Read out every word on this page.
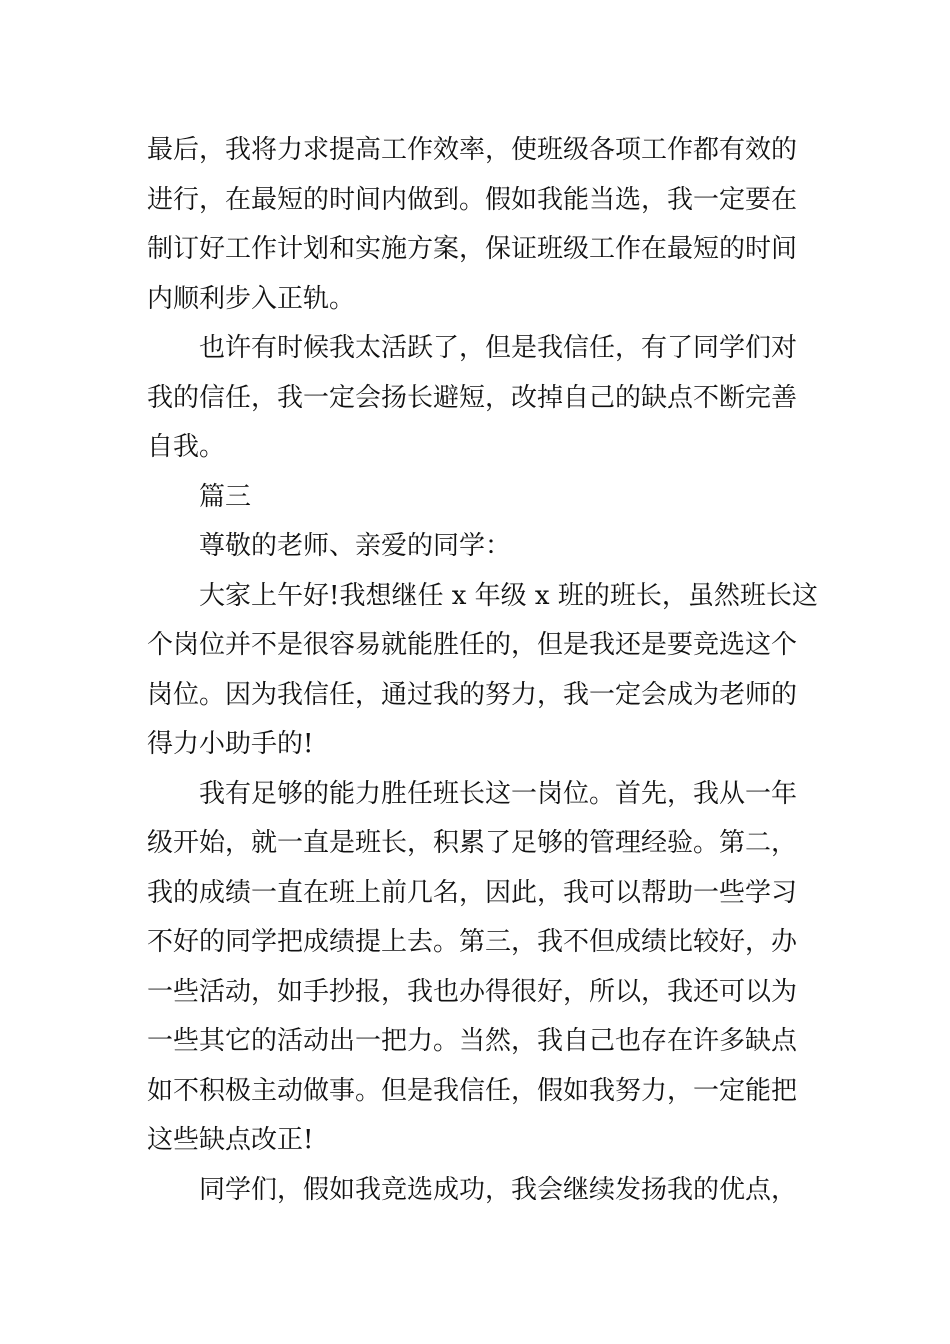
最后，我将力求提高工作效率，使班级各项工作都有效的
进行，在最短的时间内做到。假如我能当选，我一定要在
制订好工作计划和实施方案，保证班级工作在最短的时间
内顺利步入正轨。
也许有时候我太活跃了，但是我信任，有了同学们对
我的信任，我一定会扬长避短，改掉自己的缺点不断完善
自我。
篇三
尊敬的老师、亲爱的同学：
大家上午好!我想继任 x 年级 x 班的班长，虽然班长这
个岗位并不是很容易就能胜任的，但是我还是要竞选这个
岗位。因为我信任，通过我的努力，我一定会成为老师的
得力小助手的!
我有足够的能力胜任班长这一岗位。首先，我从一年
级开始，就一直是班长，积累了足够的管理经验。第二，
我的成绩一直在班上前几名，因此，我可以帮助一些学习
不好的同学把成绩提上去。第三，我不但成绩比较好，办
一些活动，如手抄报，我也办得很好，所以，我还可以为
一些其它的活动出一把力。当然，我自己也存在许多缺点
如不积极主动做事。但是我信任，假如我努力，一定能把
这些缺点改正!
同学们，假如我竞选成功，我会继续发扬我的优点，
